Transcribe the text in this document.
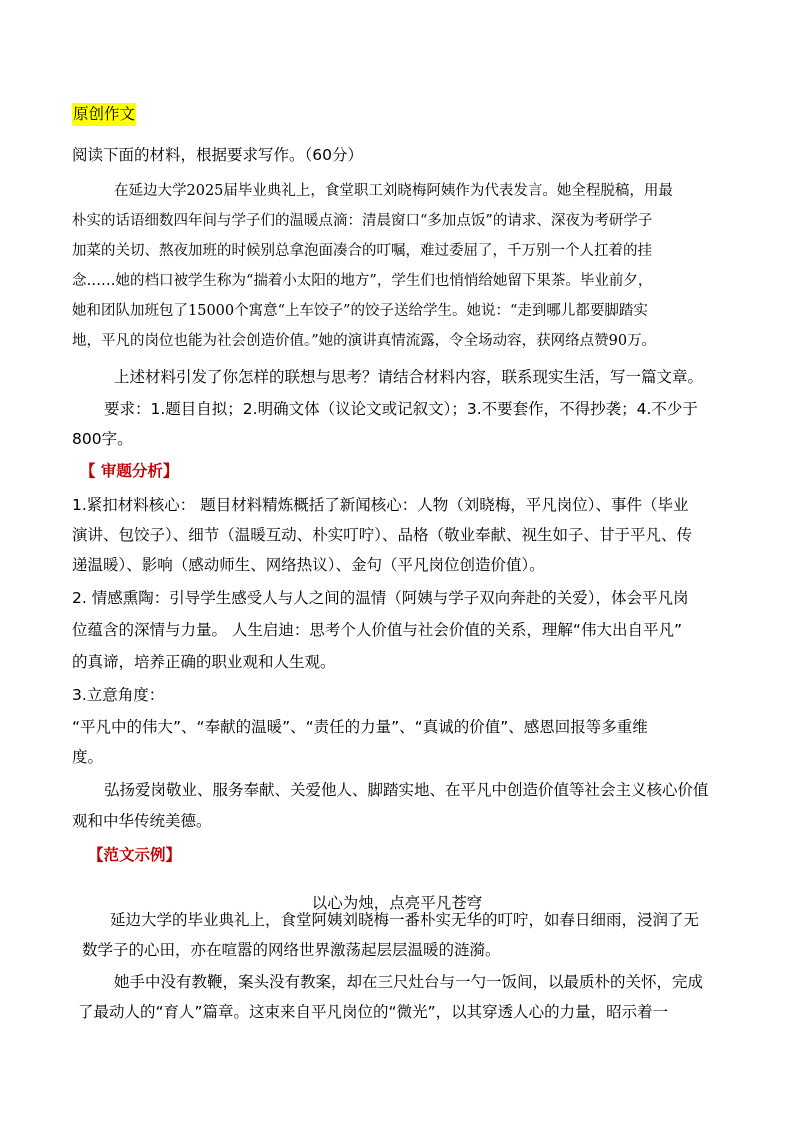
原创作文

阅读下面的材料，根据要求写作。（60分）

在延边大学2025届毕业典礼上，食堂职工刘晓梅阿姨作为代表发言。她全程脱稿，用最

朴实的话语细数四年间与学子们的温暖点滴：清晨窗口“多加点饭”的请求、深夜为考研学子

加菜的关切、熬夜加班的时候别总拿泡面凑合的叮嘱，难过委屈了，千万别一个人扛着的挂

念……她的档口被学生称为“揣着小太阳的地方”，学生们也悄悄给她留下果茶。毕业前夕，

她和团队加班包了15000个寓意“上车饺子”的饺子送给学生。她说：“走到哪儿都要脚踏实

地，平凡的岗位也能为社会创造价值。”她的演讲真情流露，令全场动容，获网络点赞90万。

上述材料引发了你怎样的联想与思考？请结合材料内容，联系现实生活，写一篇文章。

要求：1.题目自拟；2.明确文体（议论文或记叙文）；3.不要套作，不得抄袭；4.不少于

800字。

【 审题分析】

1.紧扣材料核心： 题目材料精炼概括了新闻核心：人物（刘晓梅，平凡岗位）、事件（毕业

演讲、包饺子）、细节（温暖互动、朴实叮咛）、品格（敬业奉献、视生如子、甘于平凡、传

递温暖）、影响（感动师生、网络热议）、金句（平凡岗位创造价值）。

2. 情感熏陶：引导学生感受人与人之间的温情（阿姨与学子双向奔赴的关爱），体会平凡岗

位蕴含的深情与力量。 人生启迪：思考个人价值与社会价值的关系，理解“伟大出自平凡”

的真谛，培养正确的职业观和人生观。

3.立意角度：

“平凡中的伟大”、“奉献的温暖”、“责任的力量”、“真诚的价值”、感恩回报等多重维

度。

弘扬爱岗敬业、服务奉献、关爱他人、脚踏实地、在平凡中创造价值等社会主义核心价值

观和中华传统美德。

【范文示例】

以心为烛，点亮平凡苍穹

延边大学的毕业典礼上，食堂阿姨刘晓梅一番朴实无华的叮咛，如春日细雨，浸润了无

数学子的心田，亦在喧嚣的网络世界激荡起层层温暖的涟漪。

她手中没有教鞭，案头没有教案，却在三尺灶台与一勺一饭间，以最质朴的关怀，完成

了最动人的“育人”篇章。这束来自平凡岗位的“微光”，以其穿透人心的力量，昭示着一
